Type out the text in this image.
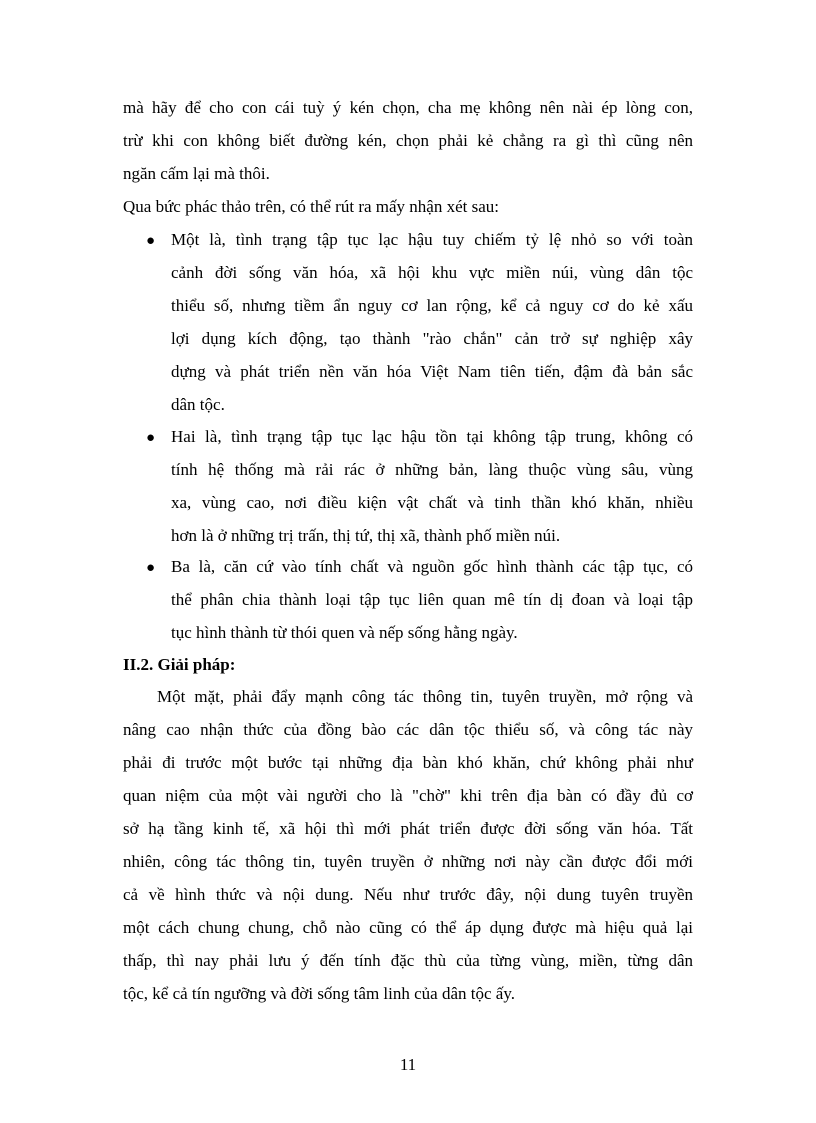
mà hãy để cho con cái tuỳ ý kén chọn, cha mẹ không nên nài ép lòng con,
trừ khi con không biết đường kén, chọn phải kẻ chẳng ra gì thì cũng nên
ngăn cấm lại mà thôi.
Qua bức phác thảo trên, có thể rút ra mấy nhận xét sau:
● Một là, tình trạng tập tục lạc hậu tuy chiếm tỷ lệ nhỏ so với toàn
cảnh đời sống văn hóa, xã hội khu vực miền núi, vùng dân tộc
thiểu số, nhưng tiềm ẩn nguy cơ lan rộng, kể cả nguy cơ do kẻ xấu
lợi dụng kích động, tạo thành "rào chắn" cản trở sự nghiệp xây
dựng và phát triển nền văn hóa Việt Nam tiên tiến, đậm đà bản sắc
dân tộc.
● Hai là, tình trạng tập tục lạc hậu tồn tại không tập trung, không có
tính hệ thống mà rải rác ở những bản, làng thuộc vùng sâu, vùng
xa, vùng cao, nơi điều kiện vật chất và tinh thần khó khăn, nhiều
hơn là ở những trị trấn, thị tứ, thị xã, thành phố miền núi.
● Ba là, căn cứ vào tính chất và nguồn gốc hình thành các tập tục, có
thể phân chia thành loại tập tục liên quan mê tín dị đoan và loại tập
tục hình thành từ thói quen và nếp sống hằng ngày.
II.2. Giải pháp:
Một mặt, phải đẩy mạnh công tác thông tin, tuyên truyền, mở rộng và
nâng cao nhận thức của đồng bào các dân tộc thiểu số, và công tác này
phải đi trước một bước tại những địa bàn khó khăn, chứ không phải như
quan niệm của một vài người cho là "chờ" khi trên địa bàn có đầy đủ cơ
sở hạ tầng kinh tế, xã hội thì mới phát triển được đời sống văn hóa. Tất
nhiên, công tác thông tin, tuyên truyền ở những nơi này cần được đổi mới
cả về hình thức và nội dung. Nếu như trước đây, nội dung tuyên truyền
một cách chung chung, chỗ nào cũng có thể áp dụng được mà hiệu quả lại
thấp, thì nay phải lưu ý đến tính đặc thù của từng vùng, miền, từng dân
tộc, kể cả tín ngưỡng và đời sống tâm linh của dân tộc ấy.
11
